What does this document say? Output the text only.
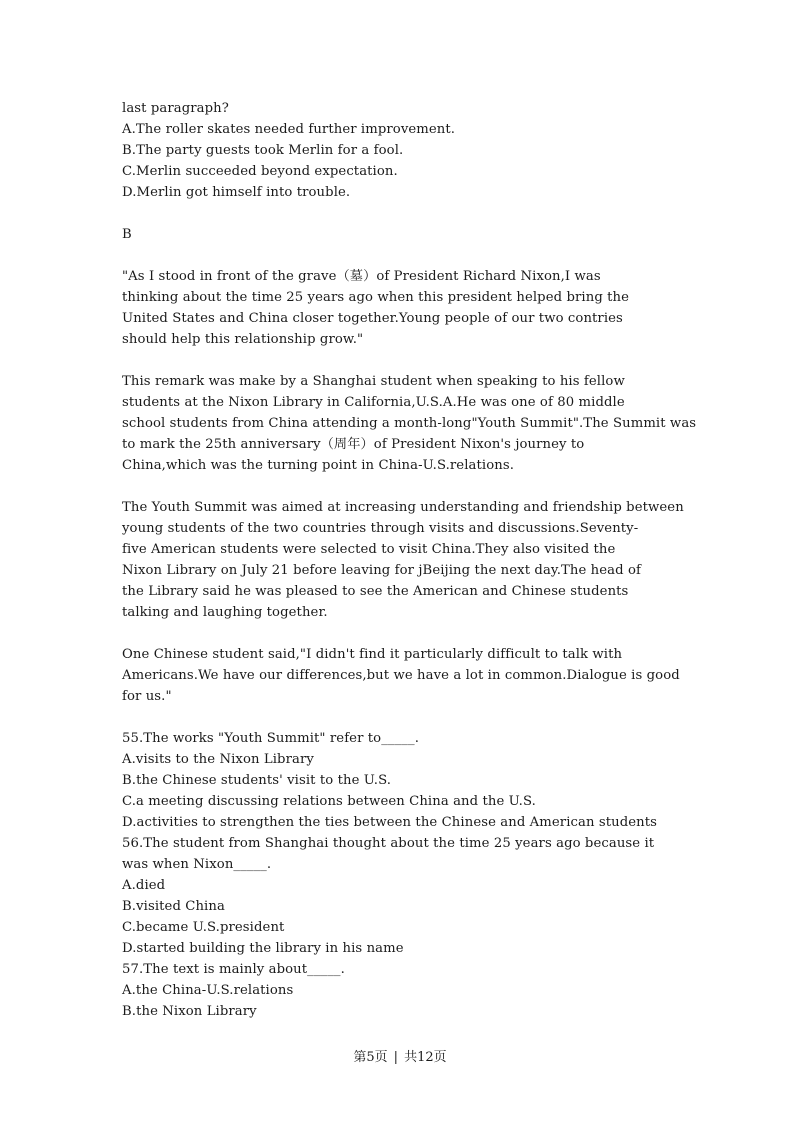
last paragraph?
A.The roller skates needed further improvement.
B.The party guests took Merlin for a fool.
C.Merlin succeeded beyond expectation.
D.Merlin got himself into trouble.
B
"As I stood in front of the grave（墓）of President Richard Nixon,I was
thinking about the time 25 years ago when this president helped bring the
United States and China closer together.Young people of our two contries
should help this relationship grow."
This remark was make by a Shanghai student when speaking to his fellow
students at the Nixon Library in California,U.S.A.He was one of 80 middle
school students from China attending a month-long"Youth Summit".The Summit was
to mark the 25th anniversary（周年）of President Nixon's journey to
China,which was the turning point in China-U.S.relations.
The Youth Summit was aimed at increasing understanding and friendship between
young students of the two countries through visits and discussions.Seventy-
five American students were selected to visit China.They also visited the
Nixon Library on July 21 before leaving for jBeijing the next day.The head of
the Library said he was pleased to see the American and Chinese students
talking and laughing together.
One Chinese student said,"I didn't find it particularly difficult to talk with
Americans.We have our differences,but we have a lot in common.Dialogue is good
for us."
55.The works "Youth Summit" refer to_____.
A.visits to the Nixon Library
B.the Chinese students' visit to the U.S.
C.a meeting discussing relations between China and the U.S.
D.activities to strengthen the ties between the Chinese and American students
56.The student from Shanghai thought about the time 25 years ago because it
was when Nixon_____.
A.died
B.visited China
C.became U.S.president
D.started building the library in his name
57.The text is mainly about_____.
A.the China-U.S.relations
B.the Nixon Library
第5页 | 共12页
